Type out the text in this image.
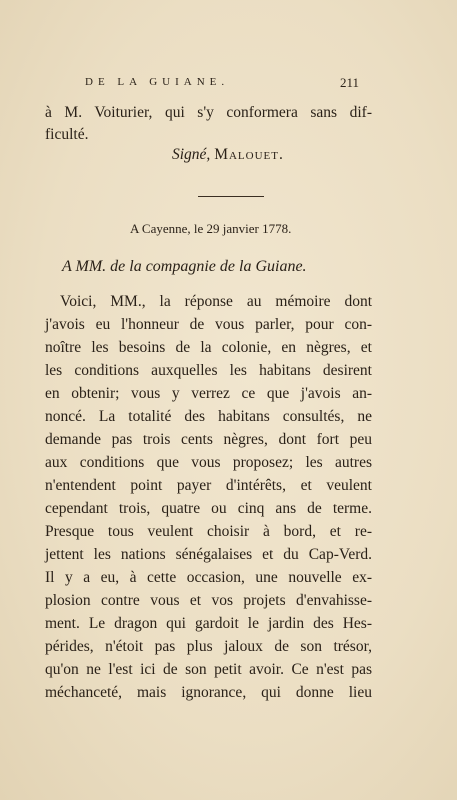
DE LA GUIANE.	211
à M. Voiturier, qui s'y conformera sans dif-
ficulté.
Signé, Malouet.
A Cayenne, le 29 janvier 1778.
A MM. de la compagnie de la Guiane.
Voici, MM., la réponse au mémoire dont
j'avois eu l'honneur de vous parler, pour con-
noître les besoins de la colonie, en nègres, et
les conditions auxquelles les habitans desirent
en obtenir; vous y verrez ce que j'avois an-
noncé. La totalité des habitans consultés, ne
demande pas trois cents nègres, dont fort peu
aux conditions que vous proposez; les autres
n'entendent point payer d'intérêts, et veulent
cependant trois, quatre ou cinq ans de terme.
Presque tous veulent choisir à bord, et re-
jettent les nations sénégalaises et du Cap-Verd.
Il y a eu, à cette occasion, une nouvelle ex-
plosion contre vous et vos projets d'envahisse-
ment. Le dragon qui gardoit le jardin des Hes-
pérides, n'étoit pas plus jaloux de son trésor,
qu'on ne l'est ici de son petit avoir. Ce n'est pas
méchanceté, mais ignorance, qui donne lieu
